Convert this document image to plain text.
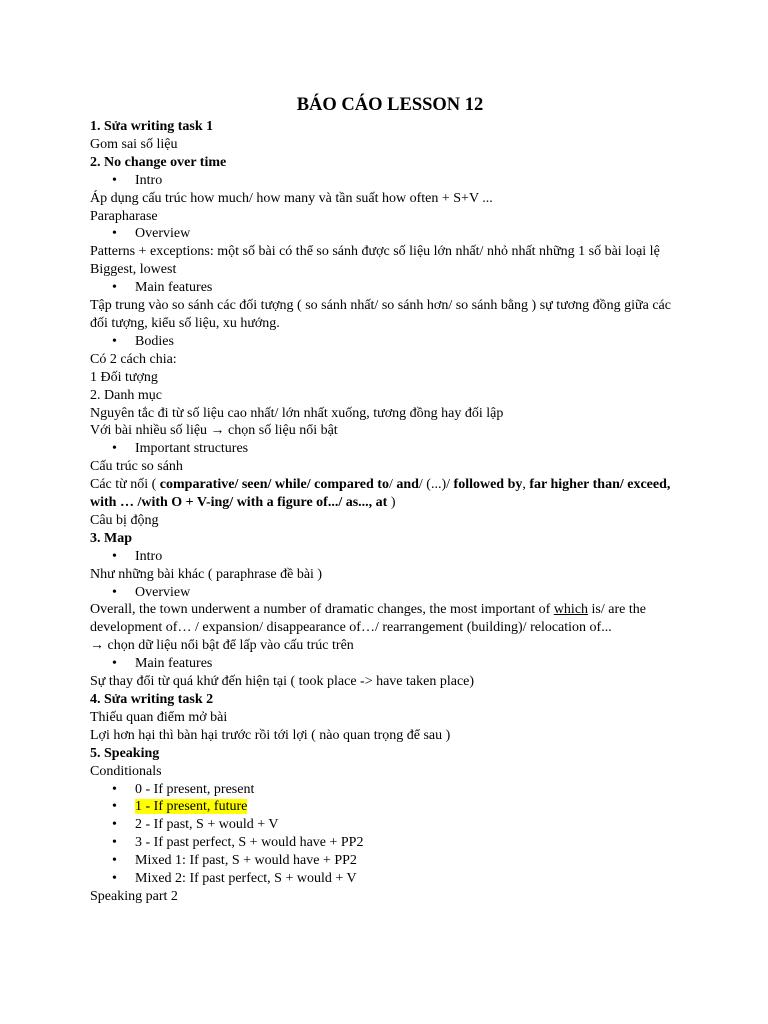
BÁO CÁO LESSON 12
1. Sửa writing task 1
Gom sai số liệu
2. No change over time
• Intro
Áp dụng cấu trúc how much/ how many và tần suất how often + S+V ...
Parapharase
• Overview
Patterns + exceptions: một số bài có thể so sánh được số liệu lớn nhất/ nhỏ nhất những 1 số bài loại lệ
Biggest, lowest
• Main features
Tập trung vào so sánh các đối tượng ( so sánh nhất/ so sánh hơn/ so sánh bằng ) sự tương đồng giữa các đối tượng, kiểu số liệu, xu hướng.
• Bodies
Có 2 cách chia:
1 Đối tượng
2. Danh mục
Nguyên tắc đi từ số liệu cao nhất/ lớn nhất xuống, tương đồng hay đối lập
Với bài nhiều số liệu → chọn số liệu nổi bật
• Important structures
Cấu trúc so sánh
Các từ nối ( comparative/ seen/ while/ compared to/ and/ (...)/ followed by, far higher than/ exceed, with … /with O + V-ing/ with a figure of.../ as..., at )
Câu bị động
3. Map
• Intro
Như những bài khác ( paraphrase đề bài )
• Overview
Overall, the town underwent a number of dramatic changes, the most important of which is/ are the development of… / expansion/ disappearance of…/ rearrangement (building)/ relocation of...
→ chọn dữ liệu nổi bật để lấp vào cấu trúc trên
• Main features
Sự thay đổi từ quá khứ đến hiện tại ( took place -> have taken place)
4. Sửa writing task 2
Thiếu quan điểm mở bài
Lợi hơn hại thì bàn hại trước rồi tới lợi ( nào quan trọng để sau )
5. Speaking
Conditionals
• 0 - If present, present
• 1 - If present, future
• 2 - If past, S + would + V
• 3 - If past perfect, S + would have + PP2
• Mixed 1: If past, S + would have + PP2
• Mixed 2: If past perfect, S + would + V
Speaking part 2
